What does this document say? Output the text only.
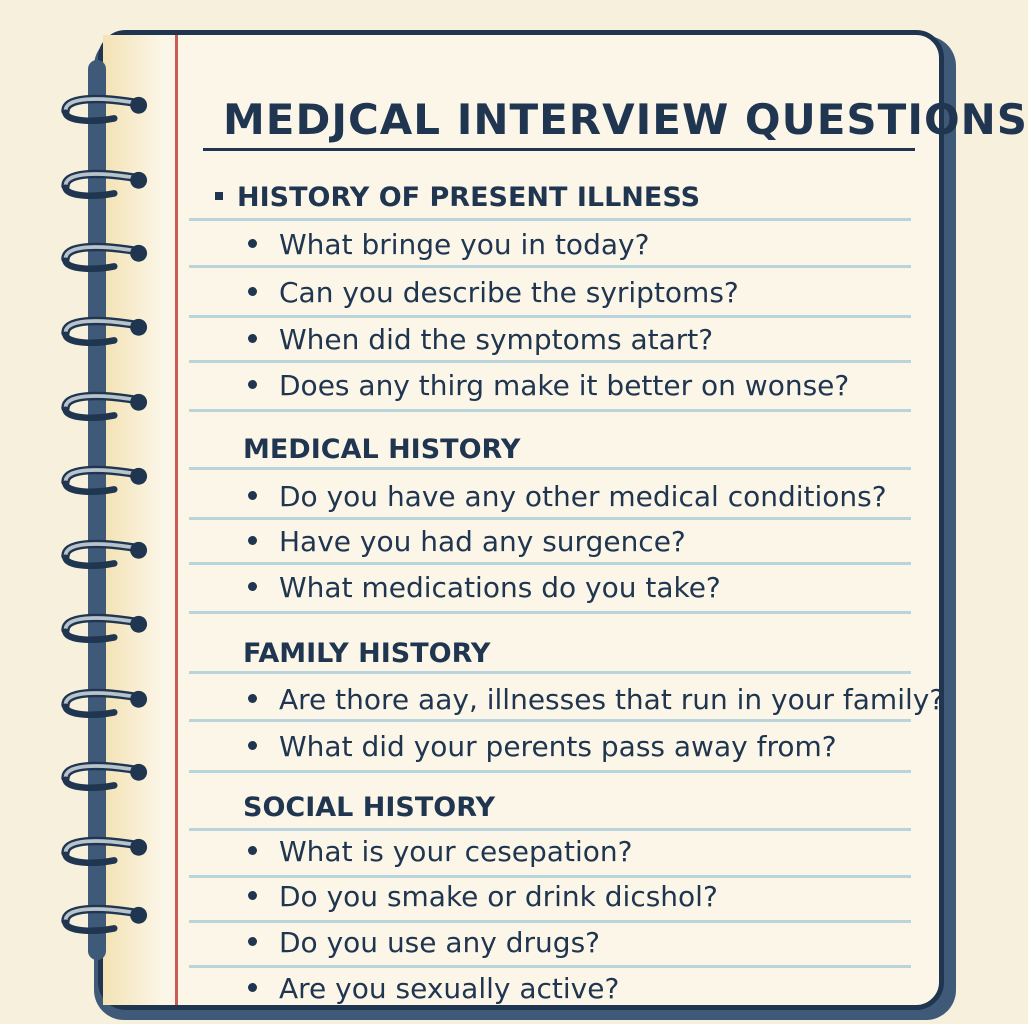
MEDJCAL INTERVIEW QUESTIONS
HISTORY OF PRESENT ILLNESS
What bringe you in today?
Can you describe the syriptoms?
When did the symptoms atart?
Does any thirg make it better on wonse?
MEDICAL HISTORY
Do you have any other medical conditions?
Have you had any surgence?
What medications do you take?
FAMILY HISTORY
Are thore aay, illnesses that run in your family?
What did your perents pass away from?
SOCIAL HISTORY
What is your cesepation?
Do you smake or drink dicshol?
Do you use any drugs?
Are you sexually active?
